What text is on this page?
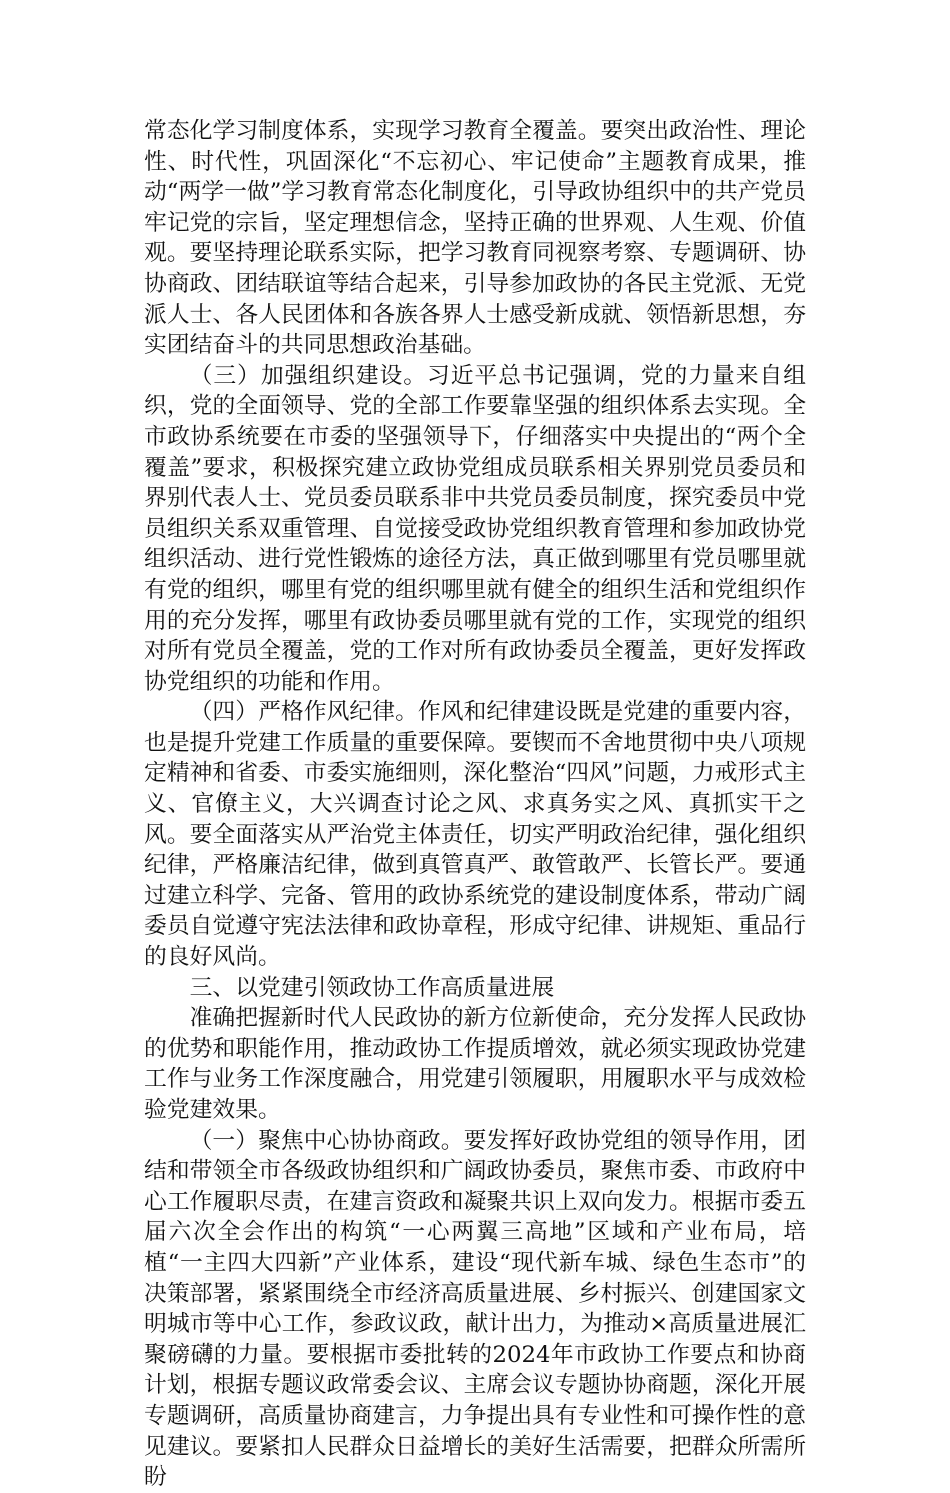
常态化学习制度体系，实现学习教育全覆盖。要突出政治性、理论性、时代性，巩固深化“不忘初心、牢记使命”主题教育成果，推动“两学一做”学习教育常态化制度化，引导政协组织中的共产党员牢记党的宗旨，坚定理想信念，坚持正确的世界观、人生观、价值观。要坚持理论联系实际，把学习教育同视察考察、专题调研、协协商政、团结联谊等结合起来，引导参加政协的各民主党派、无党派人士、各人民团体和各族各界人士感受新成就、领悟新思想，夯实团结奋斗的共同思想政治基础。

（三）加强组织建设。习近平总书记强调，党的力量来自组织，党的全面领导、党的全部工作要靠坚强的组织体系去实现。全市政协系统要在市委的坚强领导下，仔细落实中央提出的“两个全覆盖”要求，积极探究建立政协党组成员联系相关界别党员委员和界别代表人士、党员委员联系非中共党员委员制度，探究委员中党员组织关系双重管理、自觉接受政协党组织教育管理和参加政协党组织活动、进行党性锻炼的途径方法，真正做到哪里有党员哪里就有党的组织，哪里有党的组织哪里就有健全的组织生活和党组织作用的充分发挥，哪里有政协委员哪里就有党的工作，实现党的组织对所有党员全覆盖，党的工作对所有政协委员全覆盖，更好发挥政协党组织的功能和作用。

（四）严格作风纪律。作风和纪律建设既是党建的重要内容，也是提升党建工作质量的重要保障。要锲而不舍地贯彻中央八项规定精神和省委、市委实施细则，深化整治“四风”问题，力戒形式主义、官僚主义，大兴调查讨论之风、求真务实之风、真抓实干之风。要全面落实从严治党主体责任，切实严明政治纪律，强化组织纪律，严格廉洁纪律，做到真管真严、敢管敢严、长管长严。要通过建立科学、完备、管用的政协系统党的建设制度体系，带动广阔委员自觉遵守宪法法律和政协章程，形成守纪律、讲规矩、重品行的良好风尚。

三、以党建引领政协工作高质量进展

准确把握新时代人民政协的新方位新使命，充分发挥人民政协的优势和职能作用，推动政协工作提质增效，就必须实现政协党建工作与业务工作深度融合，用党建引领履职，用履职水平与成效检验党建效果。

（一）聚焦中心协协商政。要发挥好政协党组的领导作用，团结和带领全市各级政协组织和广阔政协委员，聚焦市委、市政府中心工作履职尽责，在建言资政和凝聚共识上双向发力。根据市委五届六次全会作出的构筑“一心两翼三高地”区域和产业布局，培植“一主四大四新”产业体系，建设“现代新车城、绿色生态市”的决策部署，紧紧围绕全市经济高质量进展、乡村振兴、创建国家文明城市等中心工作，参政议政，献计出力，为推动×高质量进展汇聚磅礴的力量。要根据市委批转的2024年市政协工作要点和协商计划，根据专题议政常委会议、主席会议专题协协商题，深化开展专题调研，高质量协商建言，力争提出具有专业性和可操作性的意见建议。要紧扣人民群众日益增长的美好生活需要，把群众所需所盼
